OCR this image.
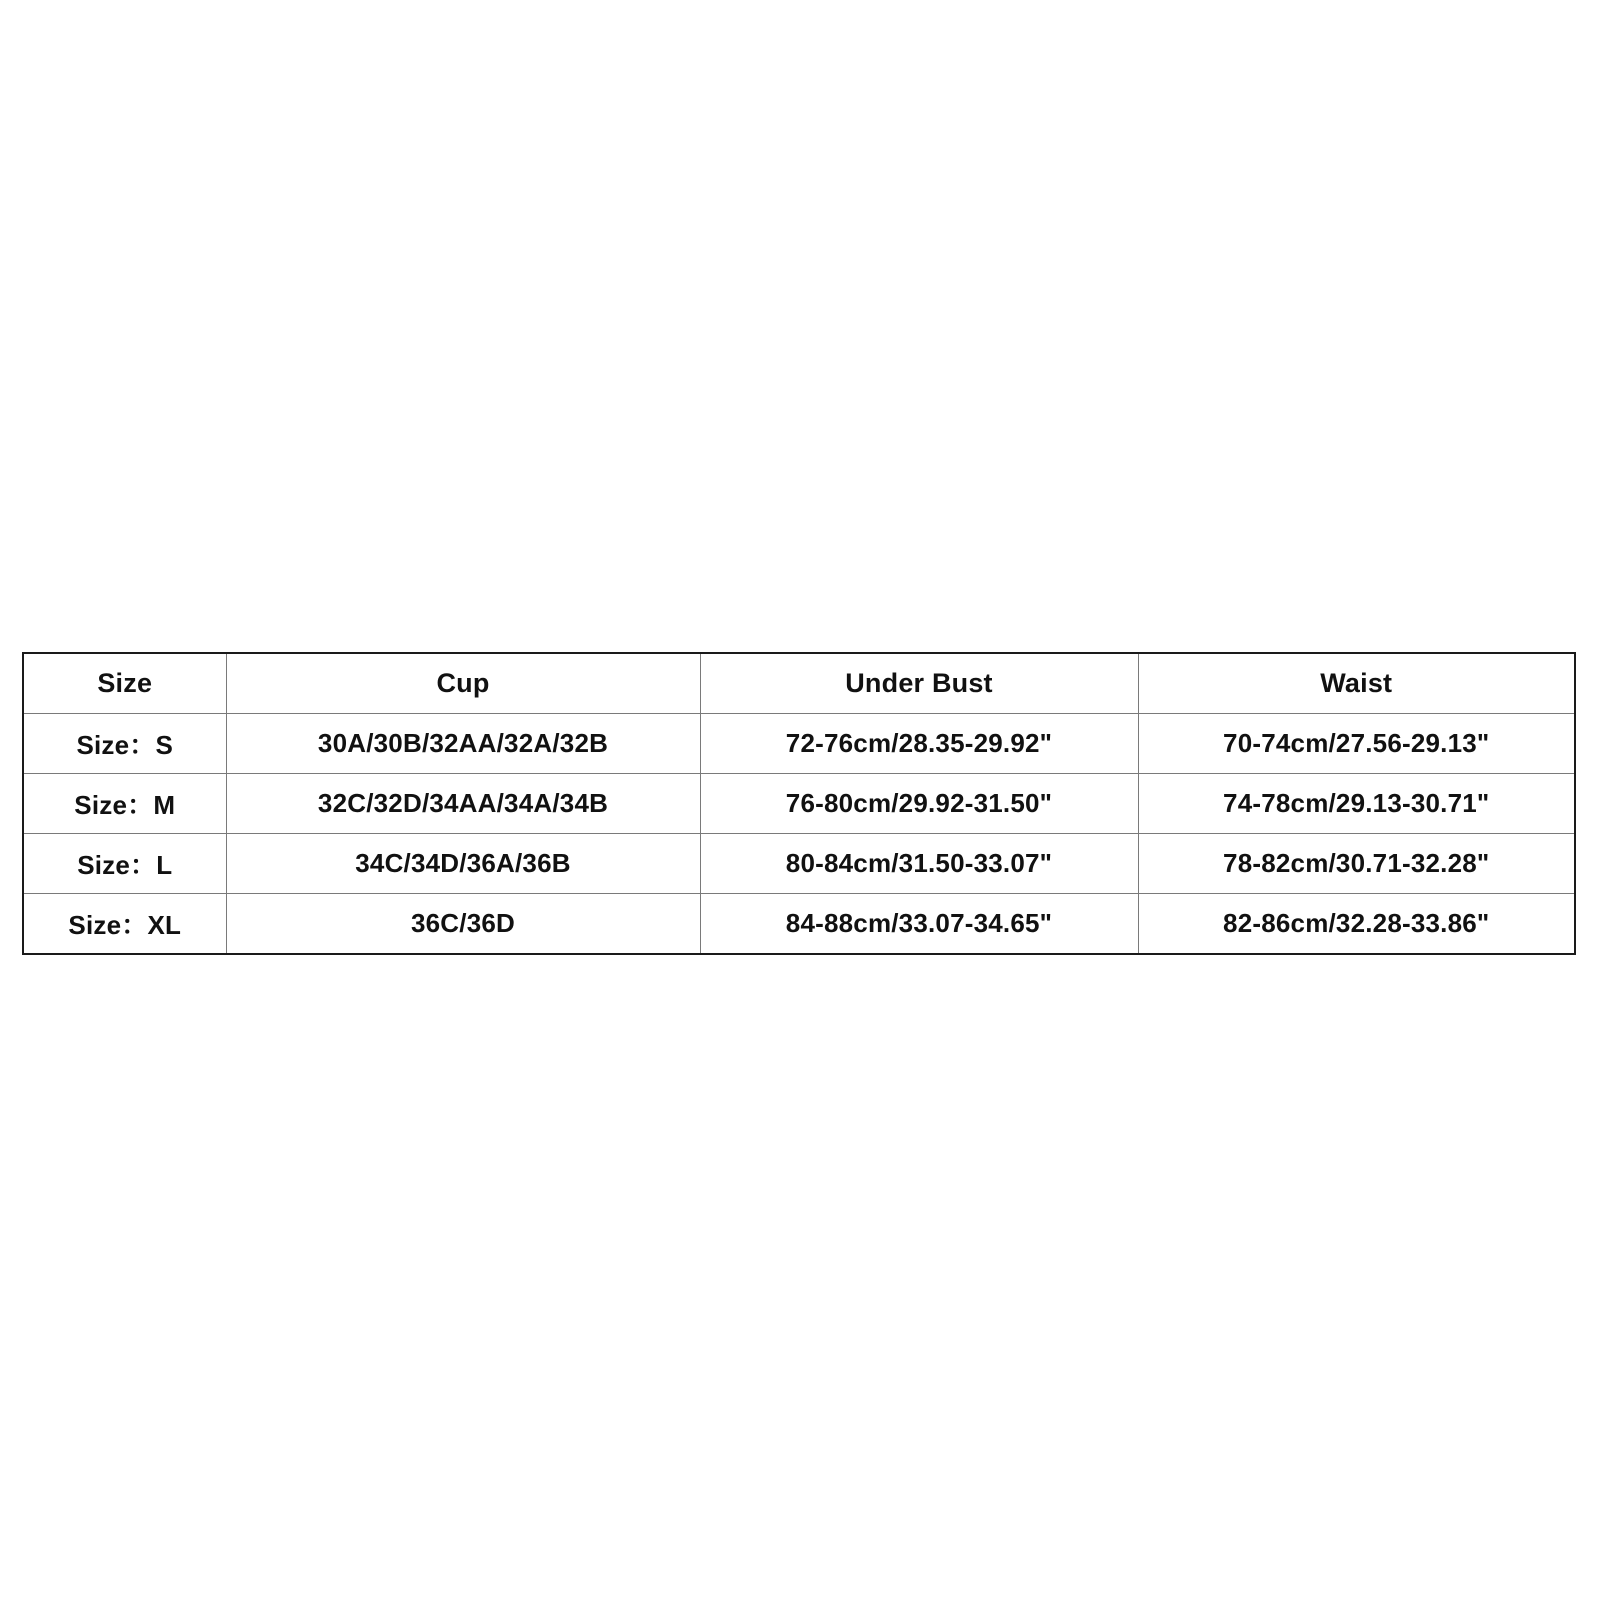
Size	Cup	Under Bust	Waist
Size：S	30A/30B/32AA/32A/32B	72-76cm/28.35-29.92"	70-74cm/27.56-29.13"
Size：M	32C/32D/34AA/34A/34B	76-80cm/29.92-31.50"	74-78cm/29.13-30.71"
Size：L	34C/34D/36A/36B	80-84cm/31.50-33.07"	78-82cm/30.71-32.28"
Size：XL	36C/36D	84-88cm/33.07-34.65"	82-86cm/32.28-33.86"
